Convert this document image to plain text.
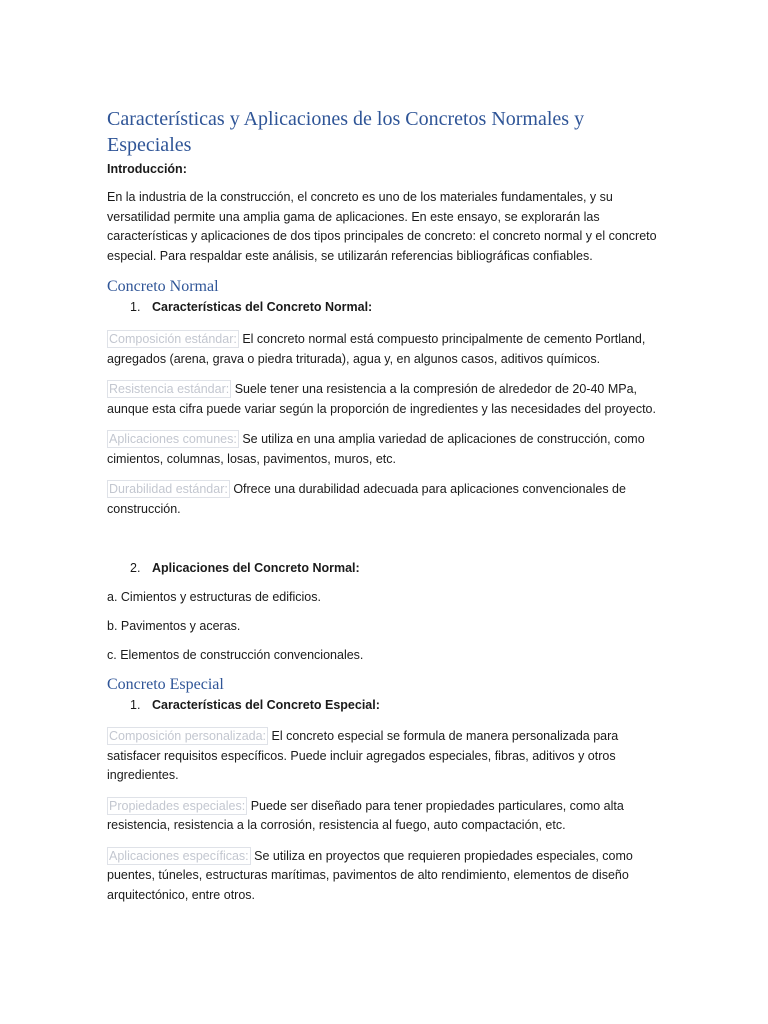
Características y Aplicaciones de los Concretos Normales y Especiales

Introducción:

En la industria de la construcción, el concreto es uno de los materiales fundamentales, y su versatilidad permite una amplia gama de aplicaciones. En este ensayo, se explorarán las características y aplicaciones de dos tipos principales de concreto: el concreto normal y el concreto especial. Para respaldar este análisis, se utilizarán referencias bibliográficas confiables.

Concreto Normal

1. Características del Concreto Normal:

Composición estándar: El concreto normal está compuesto principalmente de cemento Portland, agregados (arena, grava o piedra triturada), agua y, en algunos casos, aditivos químicos.

Resistencia estándar: Suele tener una resistencia a la compresión de alrededor de 20-40 MPa, aunque esta cifra puede variar según la proporción de ingredientes y las necesidades del proyecto.

Aplicaciones comunes: Se utiliza en una amplia variedad de aplicaciones de construcción, como cimientos, columnas, losas, pavimentos, muros, etc.

Durabilidad estándar: Ofrece una durabilidad adecuada para aplicaciones convencionales de construcción.

2. Aplicaciones del Concreto Normal:

a. Cimientos y estructuras de edificios.

b. Pavimentos y aceras.

c. Elementos de construcción convencionales.

Concreto Especial

1. Características del Concreto Especial:

Composición personalizada: El concreto especial se formula de manera personalizada para satisfacer requisitos específicos. Puede incluir agregados especiales, fibras, aditivos y otros ingredientes.

Propiedades especiales: Puede ser diseñado para tener propiedades particulares, como alta resistencia, resistencia a la corrosión, resistencia al fuego, auto compactación, etc.

Aplicaciones específicas: Se utiliza en proyectos que requieren propiedades especiales, como puentes, túneles, estructuras marítimas, pavimentos de alto rendimiento, elementos de diseño arquitectónico, entre otros.
